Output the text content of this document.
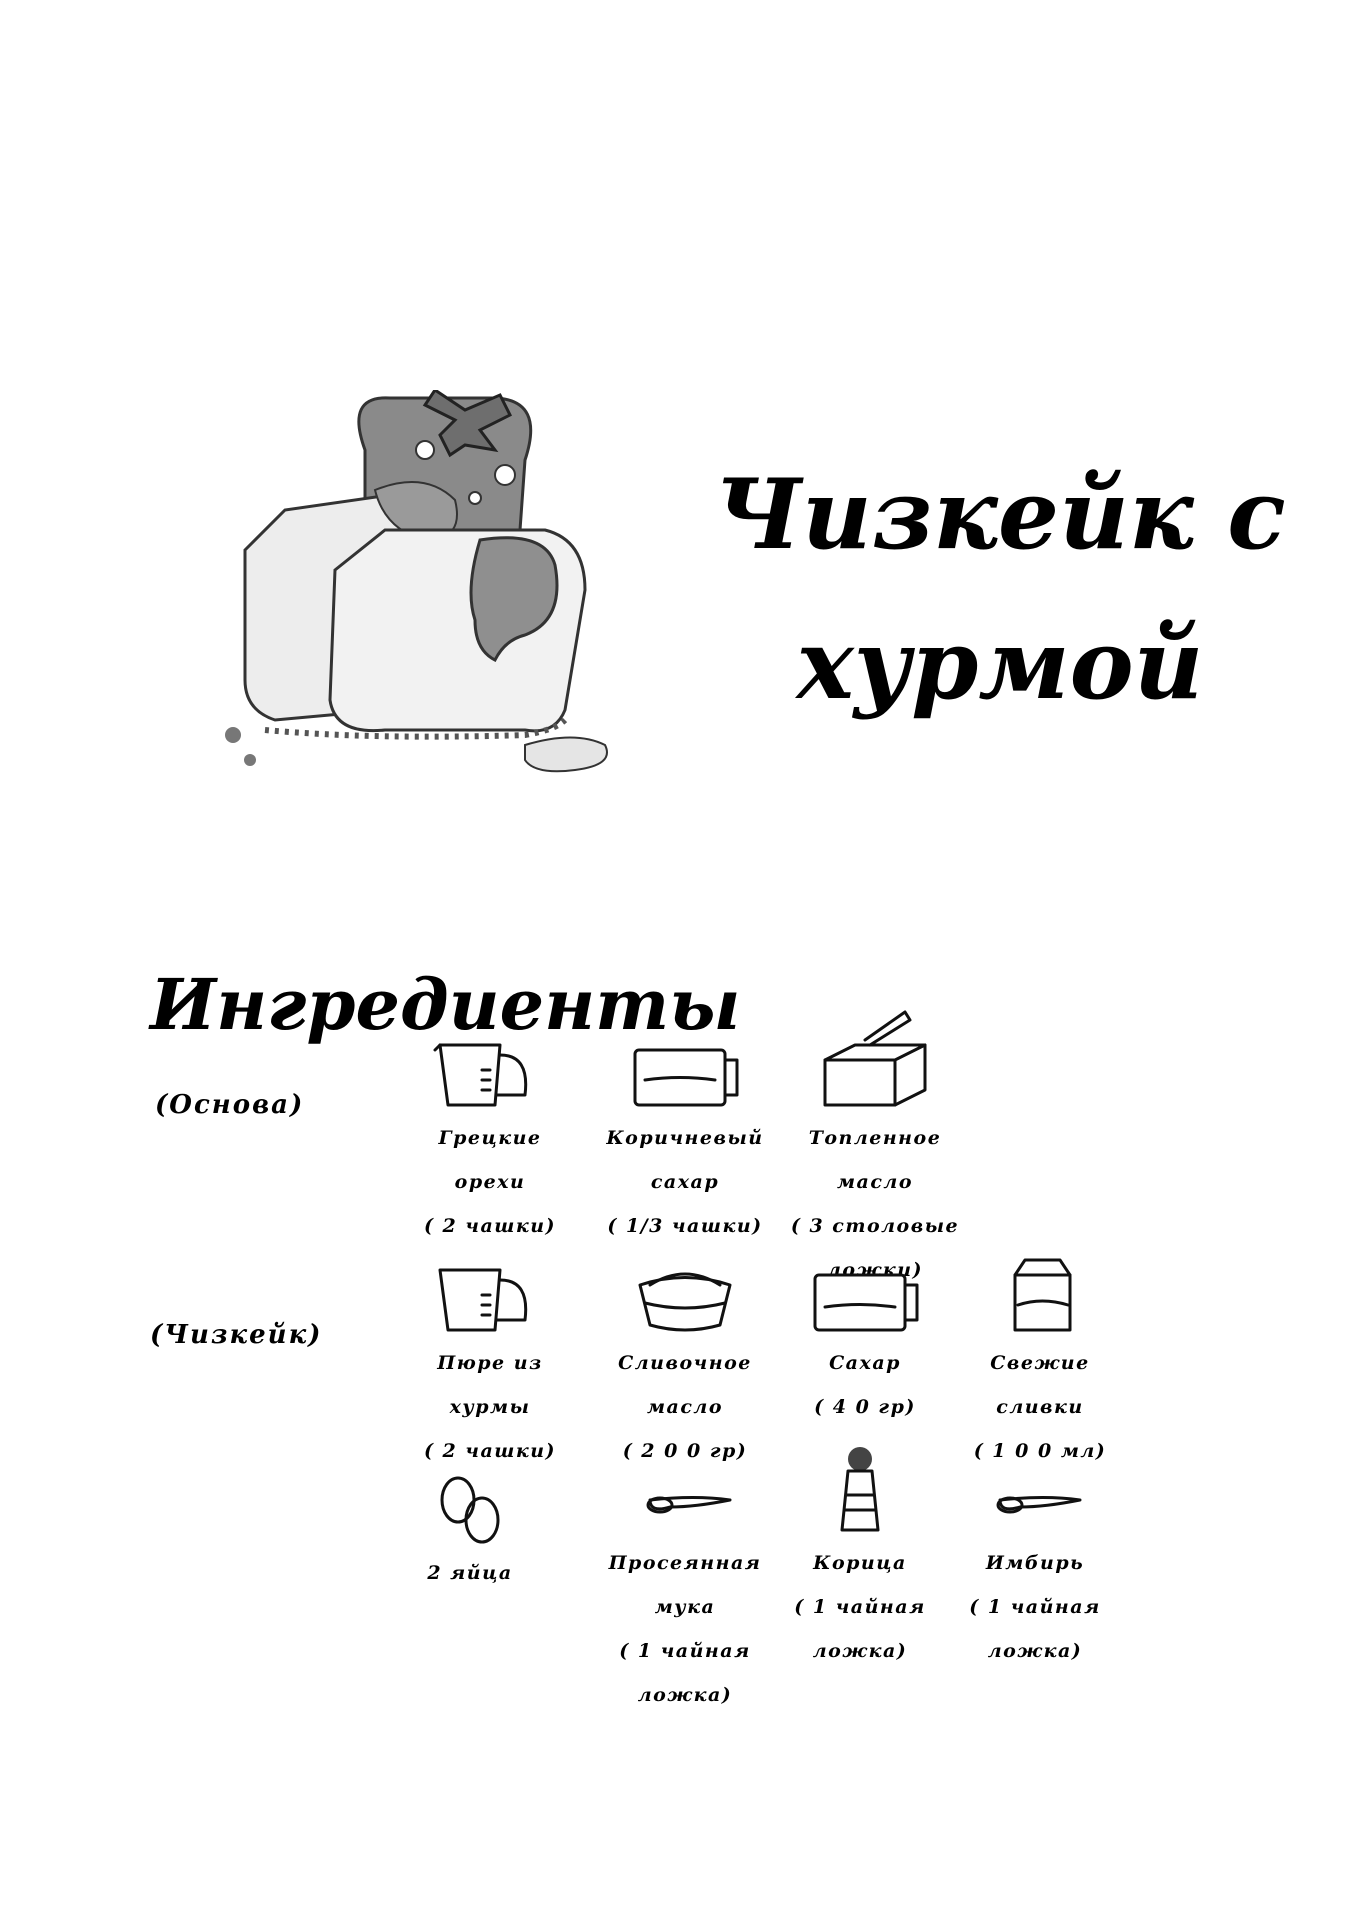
Чизкейк с
хурмой
Ингредиенты
(Основа)
Грецкие
орехи
( 2 чашки)
Коричневый
сахар
( 1/3 чашки)
Топленное масло
( 3 столовые
ложки)
(Чизкейк)
Пюре из
хурмы
( 2 чашки)
Сливочное
масло
( 2 0 0 гр)
Сахар
( 4 0 гр)
Свежие
сливки
( 1 0 0 мл)
2 яйца	Просеянная
мука
( 1 чайная
ложка)
Корица
( 1 чайная
ложка)
Имбирь
( 1 чайная
ложка)
